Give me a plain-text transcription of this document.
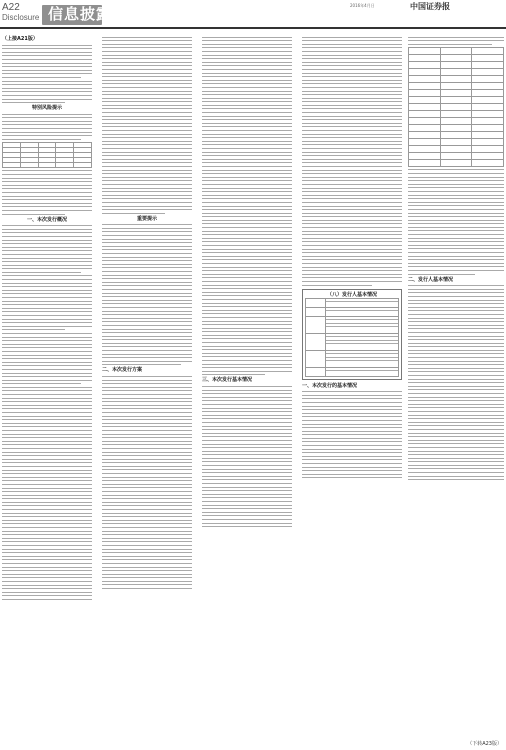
A22
Disclosure 信息披露	2016年4月日	中国证券报
（上接A21版）
特别风险提示

一、本次发行概况	重要提示
二、本次发行方案
三、本次发行基本情况
（八）发行人基本情况

一、本次发行的基本情况

二、发行人基本情况
（下转A23版）
